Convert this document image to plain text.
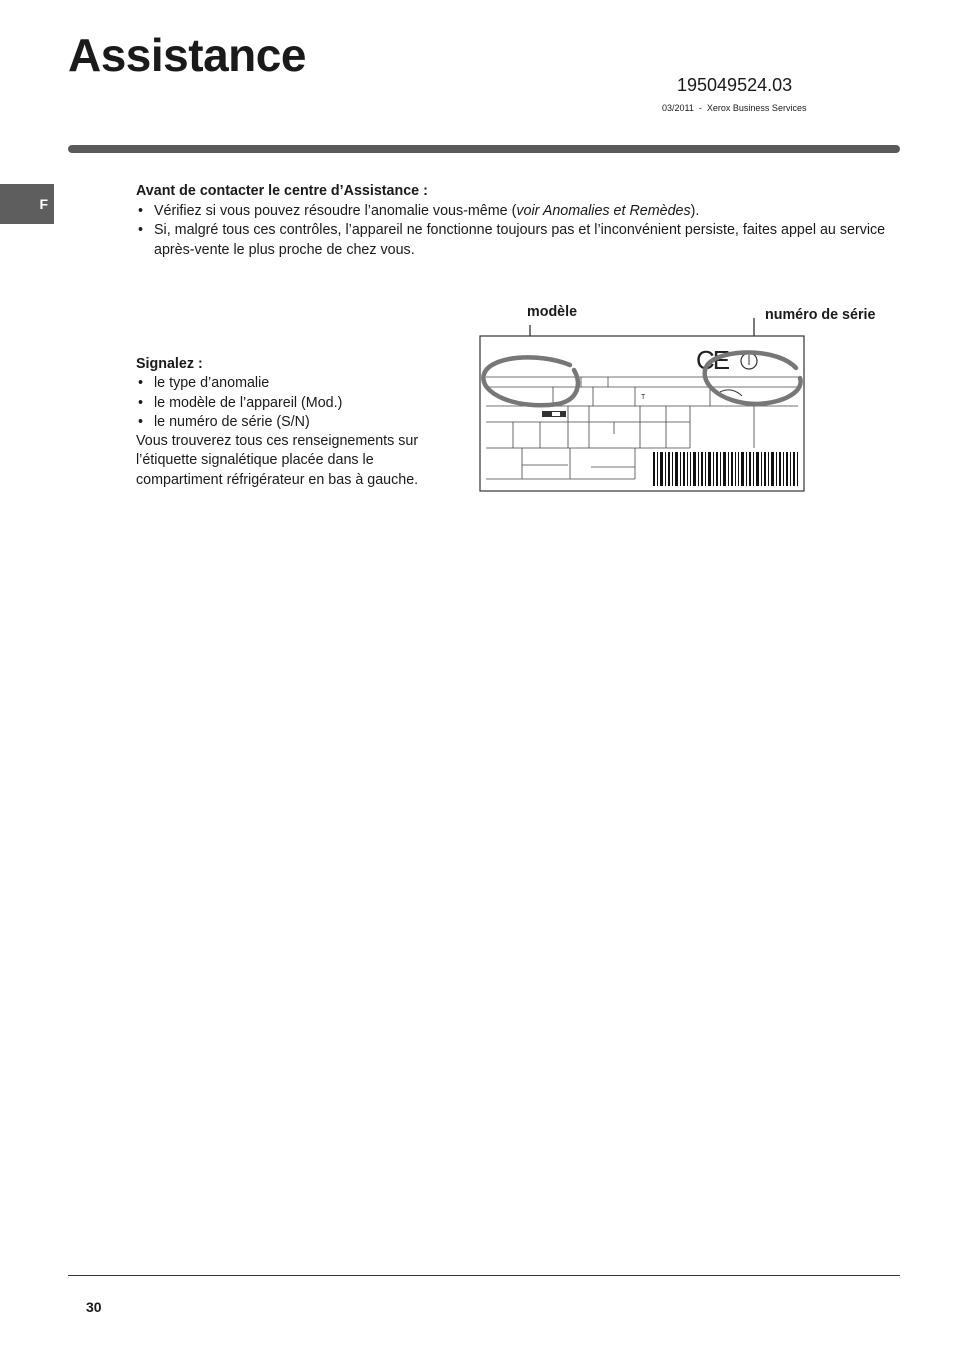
Assistance
195049524.03
03/2011 - Xerox Business Services
F
Avant de contacter le centre d’Assistance :
• Vérifiez si vous pouvez résoudre l’anomalie vous-même (voir Anomalies et Remèdes).
• Si, malgré tous ces contrôles, l’appareil ne fonctionne toujours pas et l’inconvénient persiste, faites appel au service après-vente le plus proche de chez vous.
Signalez :
• le type d’anomalie
• le modèle de l’appareil (Mod.)
• le numéro de série (S/N)
Vous trouverez tous ces renseignements sur l’étiquette signalétique placée dans le compartiment réfrigérateur en bas à gauche.
modèle	numéro de série
CE
T
30
